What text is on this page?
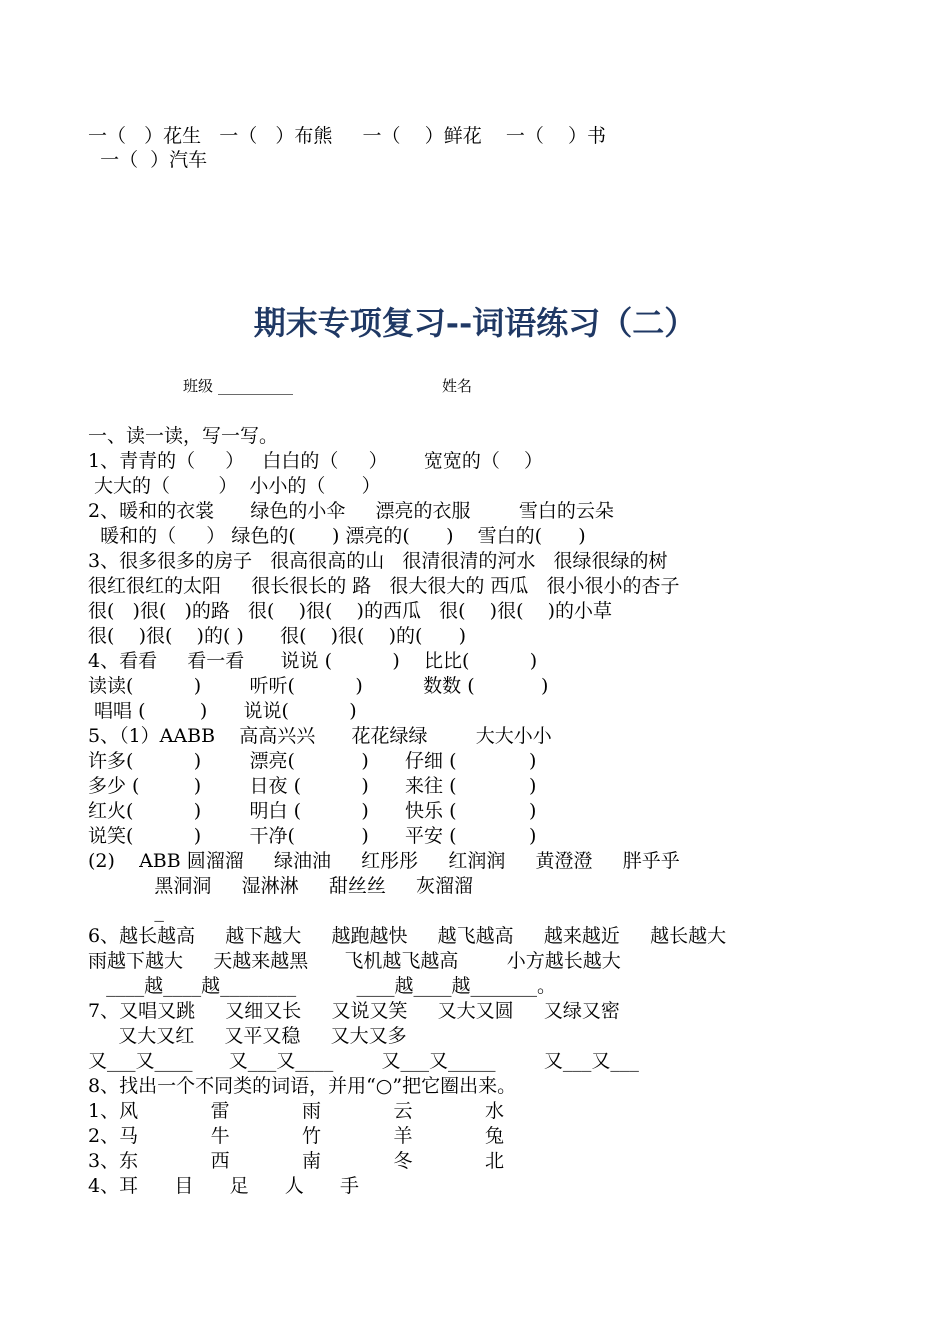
一（   ）花生   一（   ）布熊     一（    ）鲜花    一（    ）书
一（  ）汽车
期末专项复习--词语练习（二）
班级 __________	姓名
一、读一读，写一写。
1、青青的（     ）   白白的（     ）      宽宽的（    ）
大大的（        ）  小小的（      ）
2、暖和的衣裳      绿色的小伞     漂亮的衣服        雪白的云朵
暖和的（     ） 绿色的(      ) 漂亮的(      )    雪白的(      )
3、很多很多的房子   很高很高的山   很清很清的河水   很绿很绿的树
很红很红的太阳     很长很长的 路   很大很大的 西瓜   很小很小的杏子
很(   )很(   )的路   很(    )很(    )的西瓜   很(    )很(    )的小草
很(    )很(    )的( )      很(    )很(    )的(      )
4、看看     看一看      说说 (          )    比比(          )
读读(          )        听听(          )          数数 (           )
唱唱 (         )      说说(          )
5、（1）AABB    高高兴兴      花花绿绿        大大小小
许多(          )        漂亮(           )      仔细 (            )
多少 (         )        日夜 (          )      来往 (            )
红火(          )        明白 (          )      快乐 (            )
说笑(          )        干净(           )      平安 (            )
(2)    ABB 圆溜溜     绿油油     红彤彤     红润润     黄澄澄     胖乎乎
黑洞洞     湿淋淋     甜丝丝     灰溜溜
_
6、越长越高     越下越大     越跑越快     越飞越高     越来越近     越长越大
雨越下越大     天越来越黑      飞机越飞越高        小方越长越大
____越____越________          ____越____越_______。
7、又唱又跳     又细又长     又说又笑     又大又圆     又绿又密
又大又红     又平又稳     又大又多
又___又____      又___又____        又___又_____        又___又___
8、找出一个不同类的词语，并用“○”把它圈出来。
1、风            雷            雨            云            水
2、马            牛            竹            羊            兔
3、东            西            南            冬            北
4、耳      目      足      人      手
